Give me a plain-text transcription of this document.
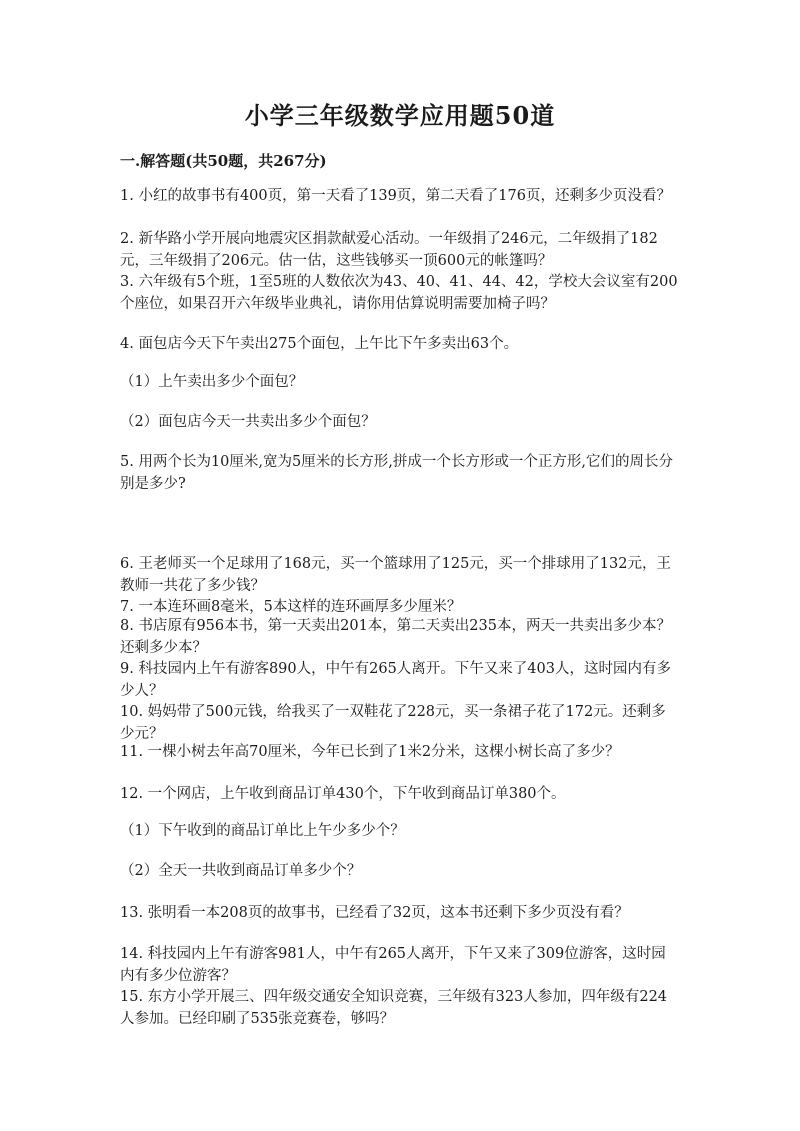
小学三年级数学应用题50道
一.解答题(共50题，共267分)
1. 小红的故事书有400页，第一天看了139页，第二天看了176页，还剩多少页没看？
2. 新华路小学开展向地震灾区捐款献爱心活动。一年级捐了246元，二年级捐了182元，三年级捐了206元。估一估，这些钱够买一顶600元的帐篷吗？
3. 六年级有5个班，1至5班的人数依次为43、40、41、44、42，学校大会议室有200个座位，如果召开六年级毕业典礼，请你用估算说明需要加椅子吗？
4. 面包店今天下午卖出275个面包，上午比下午多卖出63个。
（1）上午卖出多少个面包？
（2）面包店今天一共卖出多少个面包？
5. 用两个长为10厘米,宽为5厘米的长方形,拼成一个长方形或一个正方形,它们的周长分别是多少?
6. 王老师买一个足球用了168元，买一个篮球用了125元，买一个排球用了132元，王教师一共花了多少钱？
7. 一本连环画8毫米，5本这样的连环画厚多少厘米？
8. 书店原有956本书，第一天卖出201本，第二天卖出235本，两天一共卖出多少本？还剩多少本？
9. 科技园内上午有游客890人，中午有265人离开。下午又来了403人，这时园内有多少人？
10. 妈妈带了500元钱，给我买了一双鞋花了228元，买一条裙子花了172元。还剩多少元？
11. 一棵小树去年高70厘米，今年已长到了1米2分米，这棵小树长高了多少？
12. 一个网店，上午收到商品订单430个，下午收到商品订单380个。
（1）下午收到的商品订单比上午少多少个？
（2）全天一共收到商品订单多少个？
13. 张明看一本208页的故事书，已经看了32页，这本书还剩下多少页没有看？
14. 科技园内上午有游客981人，中午有265人离开，下午又来了309位游客，这时园内有多少位游客？
15. 东方小学开展三、四年级交通安全知识竞赛，三年级有323人参加，四年级有224人参加。已经印刷了535张竞赛卷，够吗？
